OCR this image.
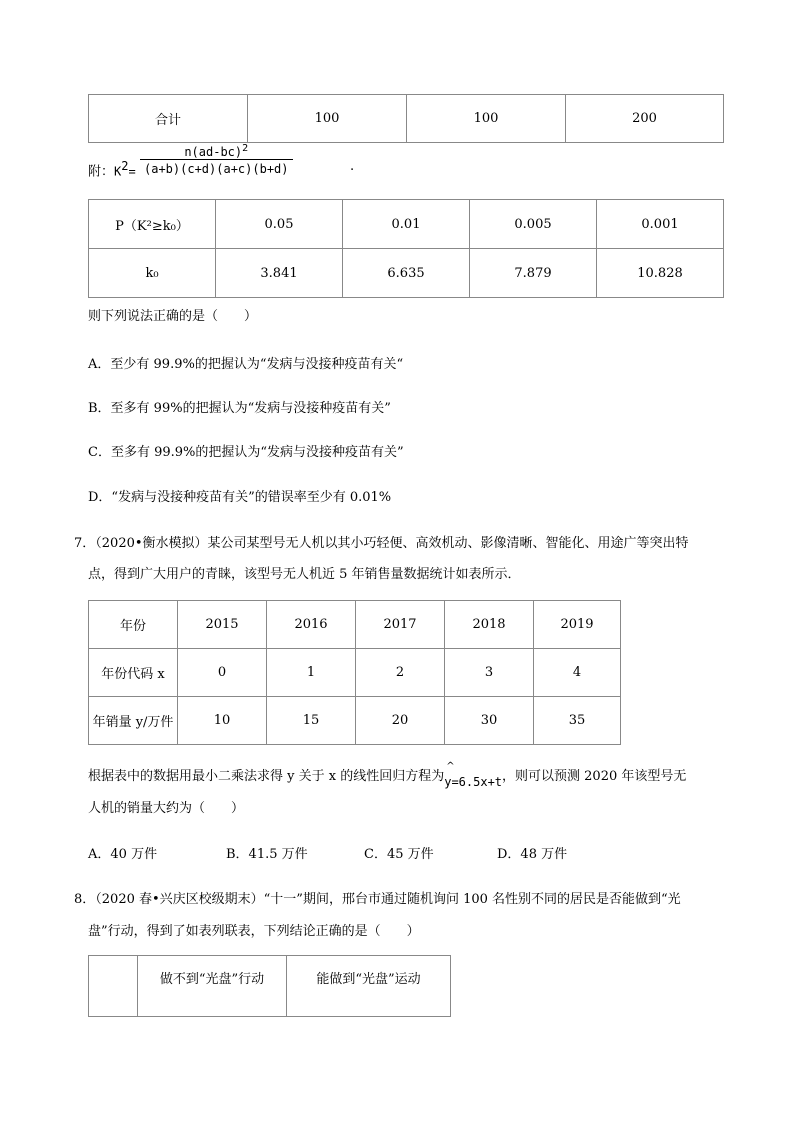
合计	100	100	200
附：$K^2= \frac{n(ad-bc)^2}{(a+b)(c+d)(a+c)(b+d)}$	.
P（K²≥k₀）	0.05	0.01	0.005	0.001
k₀	3.841	6.635	7.879	10.828
则下列说法正确的是（　　）
A．至少有 99.9%的把握认为“发病与没接种疫苗有关“
B．至多有 99%的把握认为“发病与没接种疫苗有关”
C．至多有 99.9%的把握认为“发病与没接种疫苗有关”
D．“发病与没接种疫苗有关”的错误率至少有 0.01%
7．（2020•衡水模拟）某公司某型号无人机以其小巧轻便、高效机动、影像清晰、智能化、用途广等突出特
点，得到广大用户的青睐，该型号无人机近 5 年销售量数据统计如表所示．
年份	2015	2016	2017	2018	2019
年份代码 x	0	1	2	3	4
年销量 y/万件	10	15	20	30	35
根据表中的数据用最小二乘法求得 y 关于 x 的线性回归方程为
^
y=6.5x+t，则可以预测 2020 年该型号无
人机的销量大约为（　　）
A．40 万件	B．41.5 万件	C．45 万件	D．48 万件
8．（2020 春•兴庆区校级期末）“十一”期间，邢台市通过随机询问 100 名性别不同的居民是否能做到“光
盘”行动，得到了如表列联表，下列结论正确的是（　　）
	做不到“光盘”行动	能做到“光盘”运动
